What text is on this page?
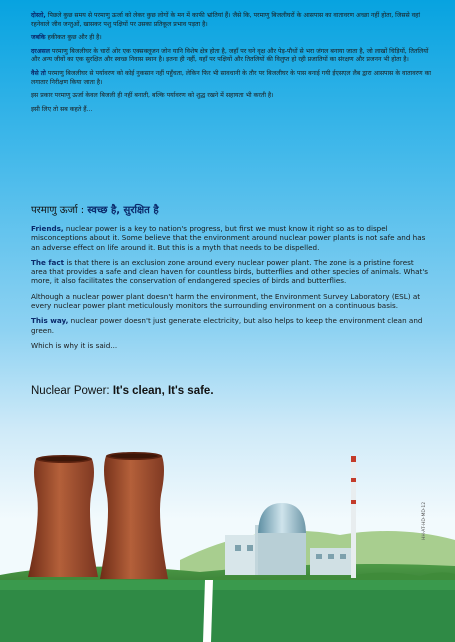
दोस्तो, पिछले कुछ समय से परमाणु ऊर्जा को लेकर कुछ लोगों के मन में काफी भ्रांतियां हैं। जैसे कि, परमाणु बिजलीघरों के आसपास का वातावरण अच्छा नहीं होता, जिससे वहां रहनेवाले जीव जन्तुओं, खासकर पशु पक्षियों पर उसका प्रतिकूल प्रभाव पड़ता है।

जबकि हकीकत कुछ और ही है।

दरअसल परमाणु बिजलीघर के चारों ओर एक एक्सक्लूजन जोन यानि विशेष क्षेत्र होता है, जहाँ पर घने वृक्ष और पेड़-पौधों से भरा जंगल बनाया जाता है, जो लाखों चिड़ियों, तितलियों और अन्य जीवों का एक सुरक्षित और स्वच्छ निवास स्थान है। इतना ही नहीं, यहाँ पर पक्षियों और तितलियों की विलुप्त हो रही प्रजातियों का संरक्षण और प्रजनन भी होता है।

वैसे तो परमाणु बिजलीघर से पर्यावरण को कोई नुकसान नहीं पहुँचता, लेकिन फिर भी सावधानी के तौर पर बिजलीघर के पास बनाई गयी ईएसएल लैब द्वारा आसपास के वातावरण का लगातार निरीक्षण किया जाता है।

इस प्रकार परमाणु ऊर्जा केवल बिजली ही नहीं बनाती, बल्कि पर्यावरण को शुद्ध रखने में सहायता भी करती है।

इसी लिए तो सब कहते हैं...

परमाणु ऊर्जा : स्वच्छ है, सुरक्षित है

Friends, nuclear power is a key to nation's progress, but first we must know it right so as to dispel misconceptions about it. Some believe that the environment around nuclear power plants is not safe and has an adverse effect on life around it. But this is a myth that needs to be dispelled.

The fact is that there is an exclusion zone around every nuclear power plant. The zone is a pristine forest area that provides a safe and clean haven for countless birds, butterflies and other species of animals. What's more, it also facilitates the conservation of endangered species of birds and butterflies.

Although a nuclear power plant doesn't harm the environment, the Environment Survey Laboratory (ESL) at every nuclear power plant meticulously monitors the surrounding environment on a continuous basis.

This way, nuclear power doesn't just generate electricity, but also helps to keep the environment clean and green.

Which is why it is said...

Nuclear Power: It's clean, It's safe.
HH-AT-HD-MD-12
